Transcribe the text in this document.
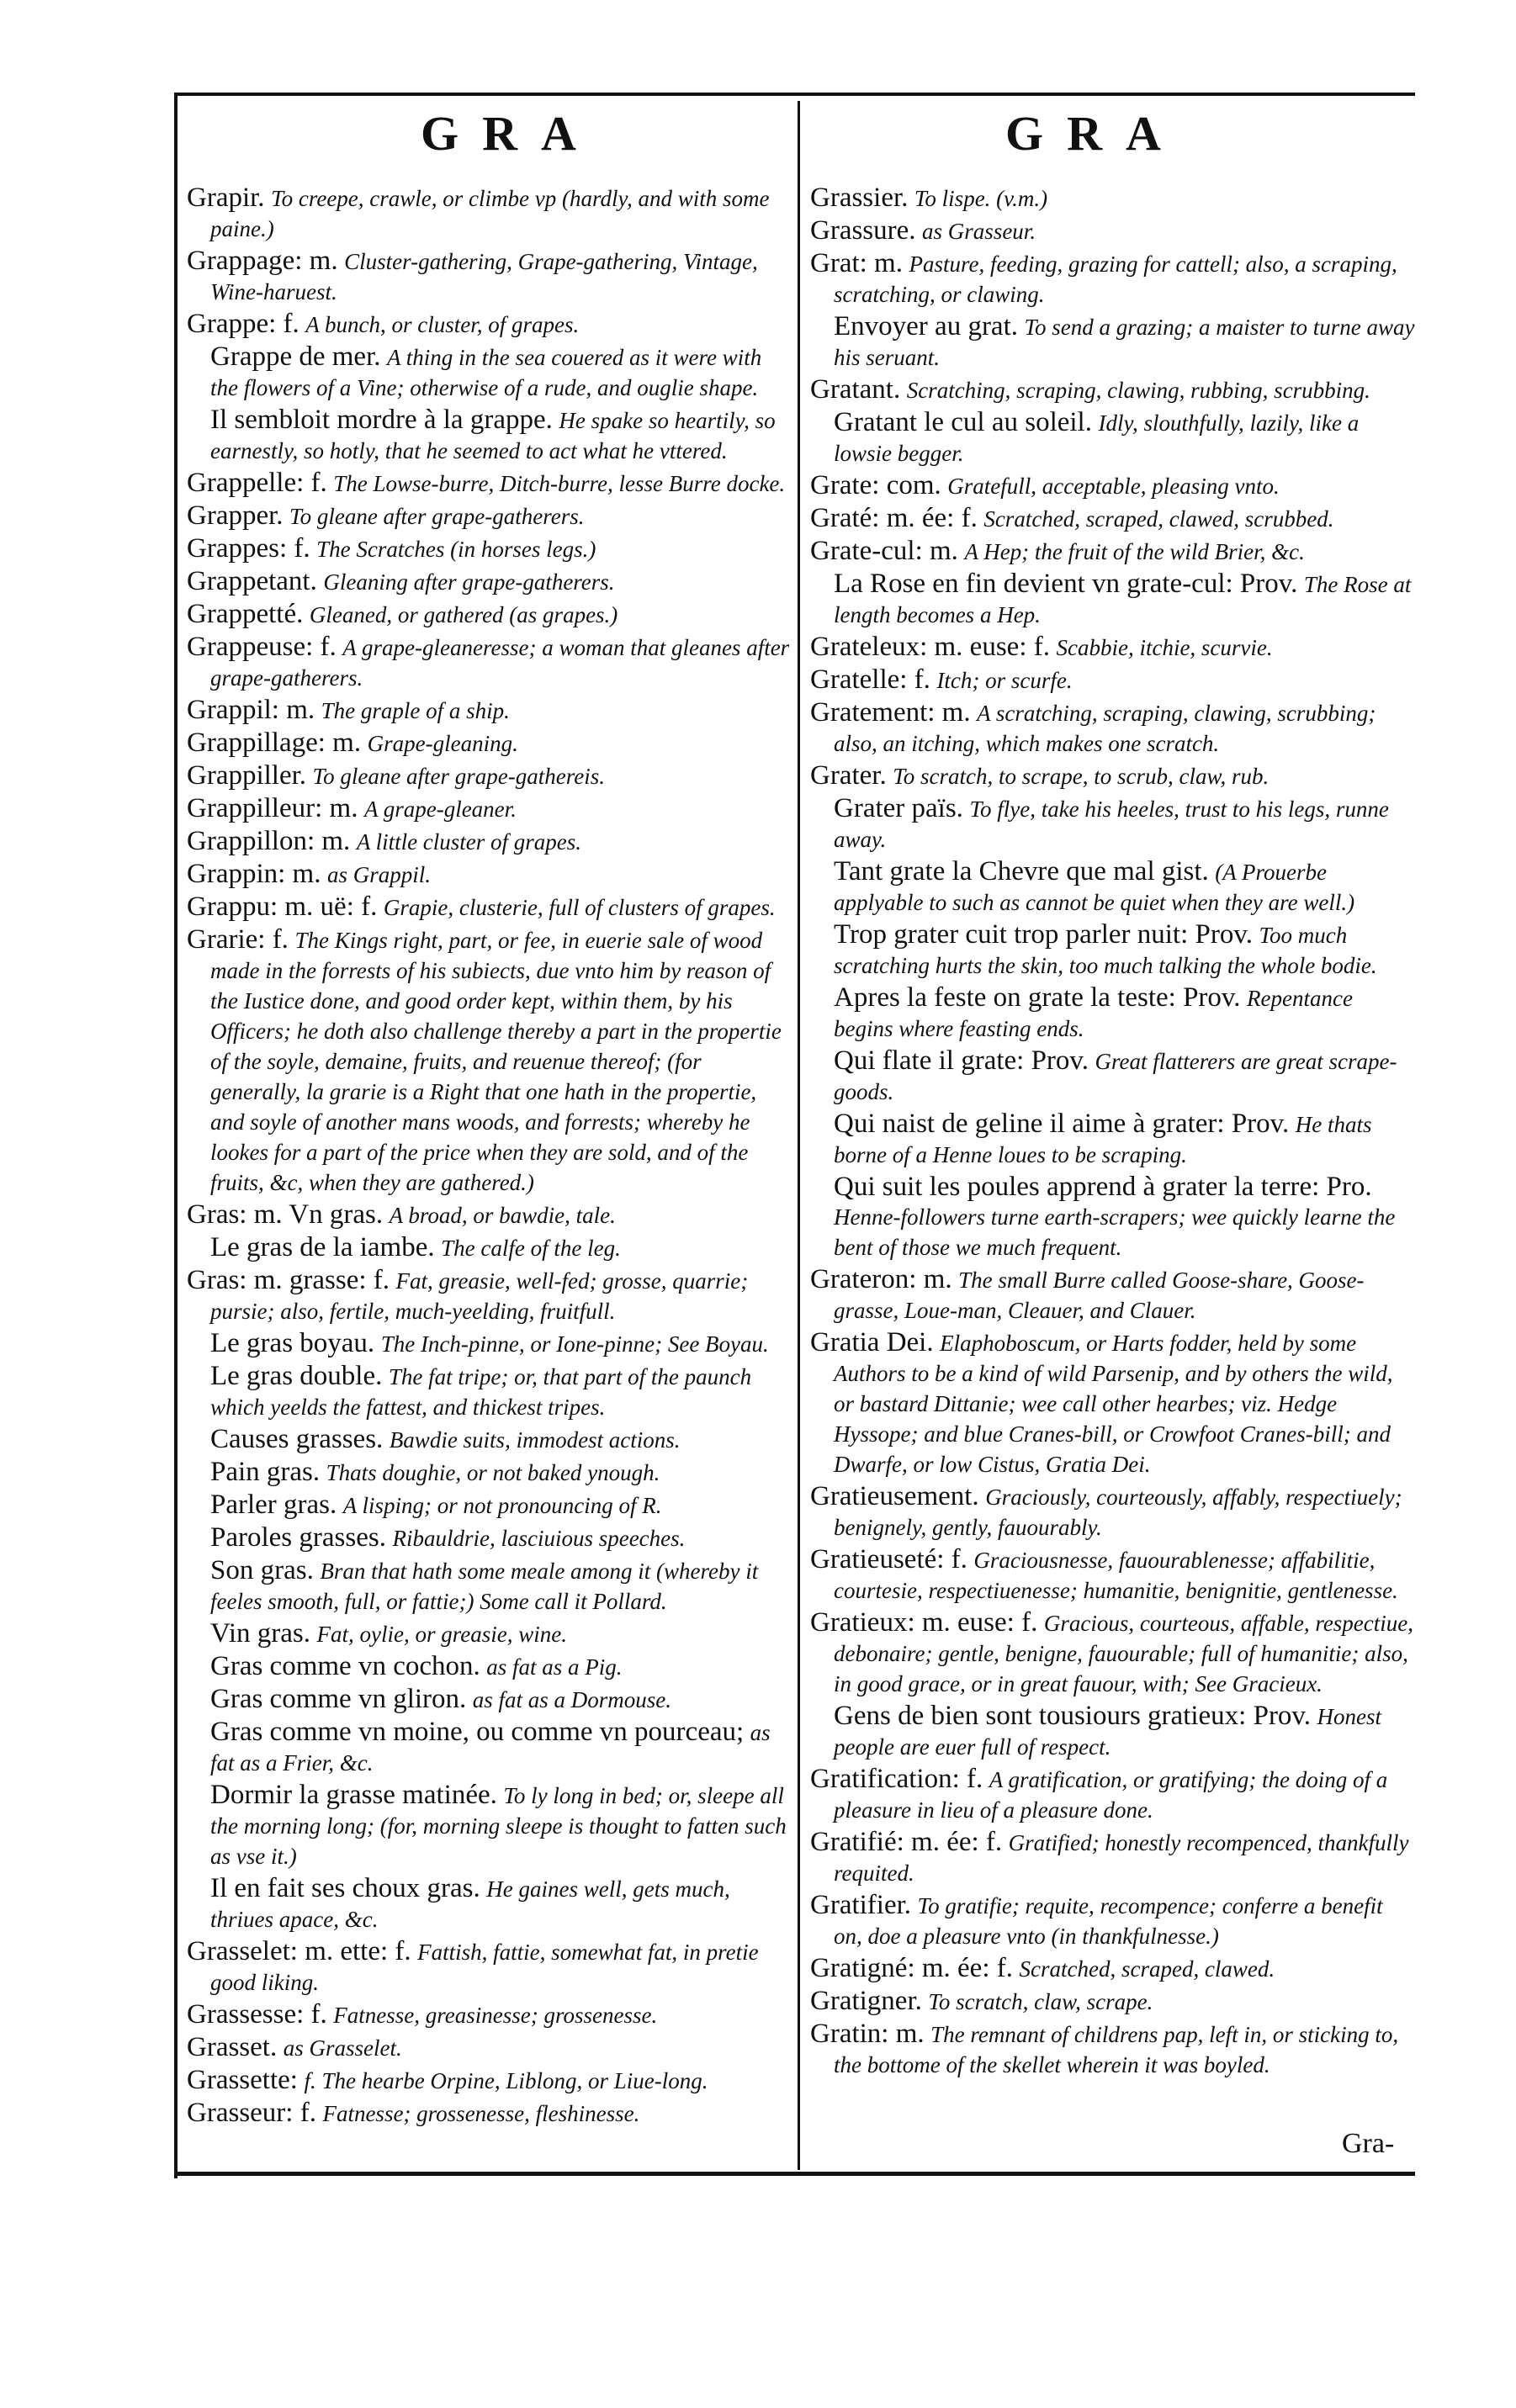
GRA	GRA
Grapir. To creepe, crawle, or climbe vp (hardly, and with some paine.)
Grappage: m. Cluster-gathering, Grape-gathering, Vintage, Wine-haruest.
Grappe: f. A bunch, or cluster, of grapes.
Grappe de mer. A thing in the sea couered as it were with the flowers of a Vine; otherwise of a rude, and ouglie shape.
Il sembloit mordre à la grappe. He spake so heartily, so earnestly, so hotly, that he seemed to act what he vttered.
Grappelle: f. The Lowse-burre, Ditch-burre, lesse Burre docke.
Grapper. To gleane after grape-gatherers.
Grappes: f. The Scratches (in horses legs.)
Grappetant. Gleaning after grape-gatherers.
Grappetté. Gleaned, or gathered (as grapes.)
Grappeuse: f. A grape-gleaneresse; a woman that gleanes after grape-gatherers.
Grappil: m. The graple of a ship.
Grappillage: m. Grape-gleaning.
Grappiller. To gleane after grape-gathereis.
Grappilleur: m. A grape-gleaner.
Grappillon: m. A little cluster of grapes.
Grappin: m. as Grappil.
Grappu: m. uë: f. Grapie, clusterie, full of clusters of grapes.
Grarie: f. The Kings right, part, or fee, in euerie sale of wood made in the forrests of his subiects, due vnto him by reason of the Iustice done, and good order kept, within them, by his Officers; he doth also challenge thereby a part in the propertie of the soyle, demaine, fruits, and reuenue thereof; (for generally, la grarie is a Right that one hath in the propertie, and soyle of another mans woods, and forrests; whereby he lookes for a part of the price when they are sold, and of the fruits, &c, when they are gathered.)
Gras: m. Vn gras. A broad, or bawdie, tale.
Le gras de la iambe. The calfe of the leg.
Gras: m. grasse: f. Fat, greasie, well-fed; grosse, quarrie; pursie; also, fertile, much-yeelding, fruitfull.
Le gras boyau. The Inch-pinne, or Ione-pinne; See Boyau.
Le gras double. The fat tripe; or, that part of the paunch which yeelds the fattest, and thickest tripes.
Causes grasses. Bawdie suits, immodest actions.
Pain gras. Thats doughie, or not baked ynough.
Parler gras. A lisping; or not pronouncing of R.
Paroles grasses. Ribauldrie, lasciuious speeches.
Son gras. Bran that hath some meale among it (whereby it feeles smooth, full, or fattie;) Some call it Pollard.
Vin gras. Fat, oylie, or greasie, wine.
Gras comme vn cochon. as fat as a Pig.
Gras comme vn gliron. as fat as a Dormouse.
Gras comme vn moine, ou comme vn pourceau; as fat as a Frier, &c.
Dormir la grasse matinée. To ly long in bed; or, sleepe all the morning long; (for, morning sleepe is thought to fatten such as vse it.)
Il en fait ses choux gras. He gaines well, gets much, thriues apace, &c.
Grasselet: m. ette: f. Fattish, fattie, somewhat fat, in pretie good liking.
Grassesse: f. Fatnesse, greasinesse; grossenesse.
Grasset. as Grasselet.
Grassette: f. The hearbe Orpine, Liblong, or Liue-long.
Grasseur: f. Fatnesse; grossenesse, fleshinesse.
Grassier. To lispe. (v.m.)
Grassure. as Grasseur.
Grat: m. Pasture, feeding, grazing for cattell; also, a scraping, scratching, or clawing.
Envoyer au grat. To send a grazing; a maister to turne away his seruant.
Gratant. Scratching, scraping, clawing, rubbing, scrubbing.
Gratant le cul au soleil. Idly, slouthfully, lazily, like a lowsie begger.
Grate: com. Gratefull, acceptable, pleasing vnto.
Graté: m. ée: f. Scratched, scraped, clawed, scrubbed.
Grate-cul: m. A Hep; the fruit of the wild Brier, &c.
La Rose en fin devient vn grate-cul: Prov. The Rose at length becomes a Hep.
Grateleux: m. euse: f. Scabbie, itchie, scurvie.
Gratelle: f. Itch; or scurfe.
Gratement: m. A scratching, scraping, clawing, scrubbing; also, an itching, which makes one scratch.
Grater. To scratch, to scrape, to scrub, claw, rub.
Grater païs. To flye, take his heeles, trust to his legs, runne away.
Tant grate la Chevre que mal gist. (A Prouerbe applyable to such as cannot be quiet when they are well.)
Trop grater cuit trop parler nuit: Prov. Too much scratching hurts the skin, too much talking the whole bodie.
Apres la feste on grate la teste: Prov. Repentance begins where feasting ends.
Qui flate il grate: Prov. Great flatterers are great scrape-goods.
Qui naist de geline il aime à grater: Prov. He thats borne of a Henne loues to be scraping.
Qui suit les poules apprend à grater la terre: Pro. Henne-followers turne earth-scrapers; wee quickly learne the bent of those we much frequent.
Grateron: m. The small Burre called Goose-share, Goose-grasse, Loue-man, Cleauer, and Clauer.
Gratia Dei. Elaphoboscum, or Harts fodder, held by some Authors to be a kind of wild Parsenip, and by others the wild, or bastard Dittanie; wee call other hearbes; viz. Hedge Hyssope; and blue Cranes-bill, or Crowfoot Cranes-bill; and Dwarfe, or low Cistus, Gratia Dei.
Gratieusement. Graciously, courteously, affably, respectiuely; benignely, gently, fauourably.
Gratieuseté: f. Graciousnesse, fauourablenesse; affabilitie, courtesie, respectiuenesse; humanitie, benignitie, gentlenesse.
Gratieux: m. euse: f. Gracious, courteous, affable, respectiue, debonaire; gentle, benigne, fauourable; full of humanitie; also, in good grace, or in great fauour, with; See Gracieux.
Gens de bien sont tousiours gratieux: Prov. Honest people are euer full of respect.
Gratification: f. A gratification, or gratifying; the doing of a pleasure in lieu of a pleasure done.
Gratifié: m. ée: f. Gratified; honestly recompenced, thankfully requited.
Gratifier. To gratifie; requite, recompence; conferre a benefit on, doe a pleasure vnto (in thankfulnesse.)
Gratigné: m. ée: f. Scratched, scraped, clawed.
Gratigner. To scratch, claw, scrape.
Gratin: m. The remnant of childrens pap, left in, or sticking to, the bottome of the skellet wherein it was boyled.
Gra-
